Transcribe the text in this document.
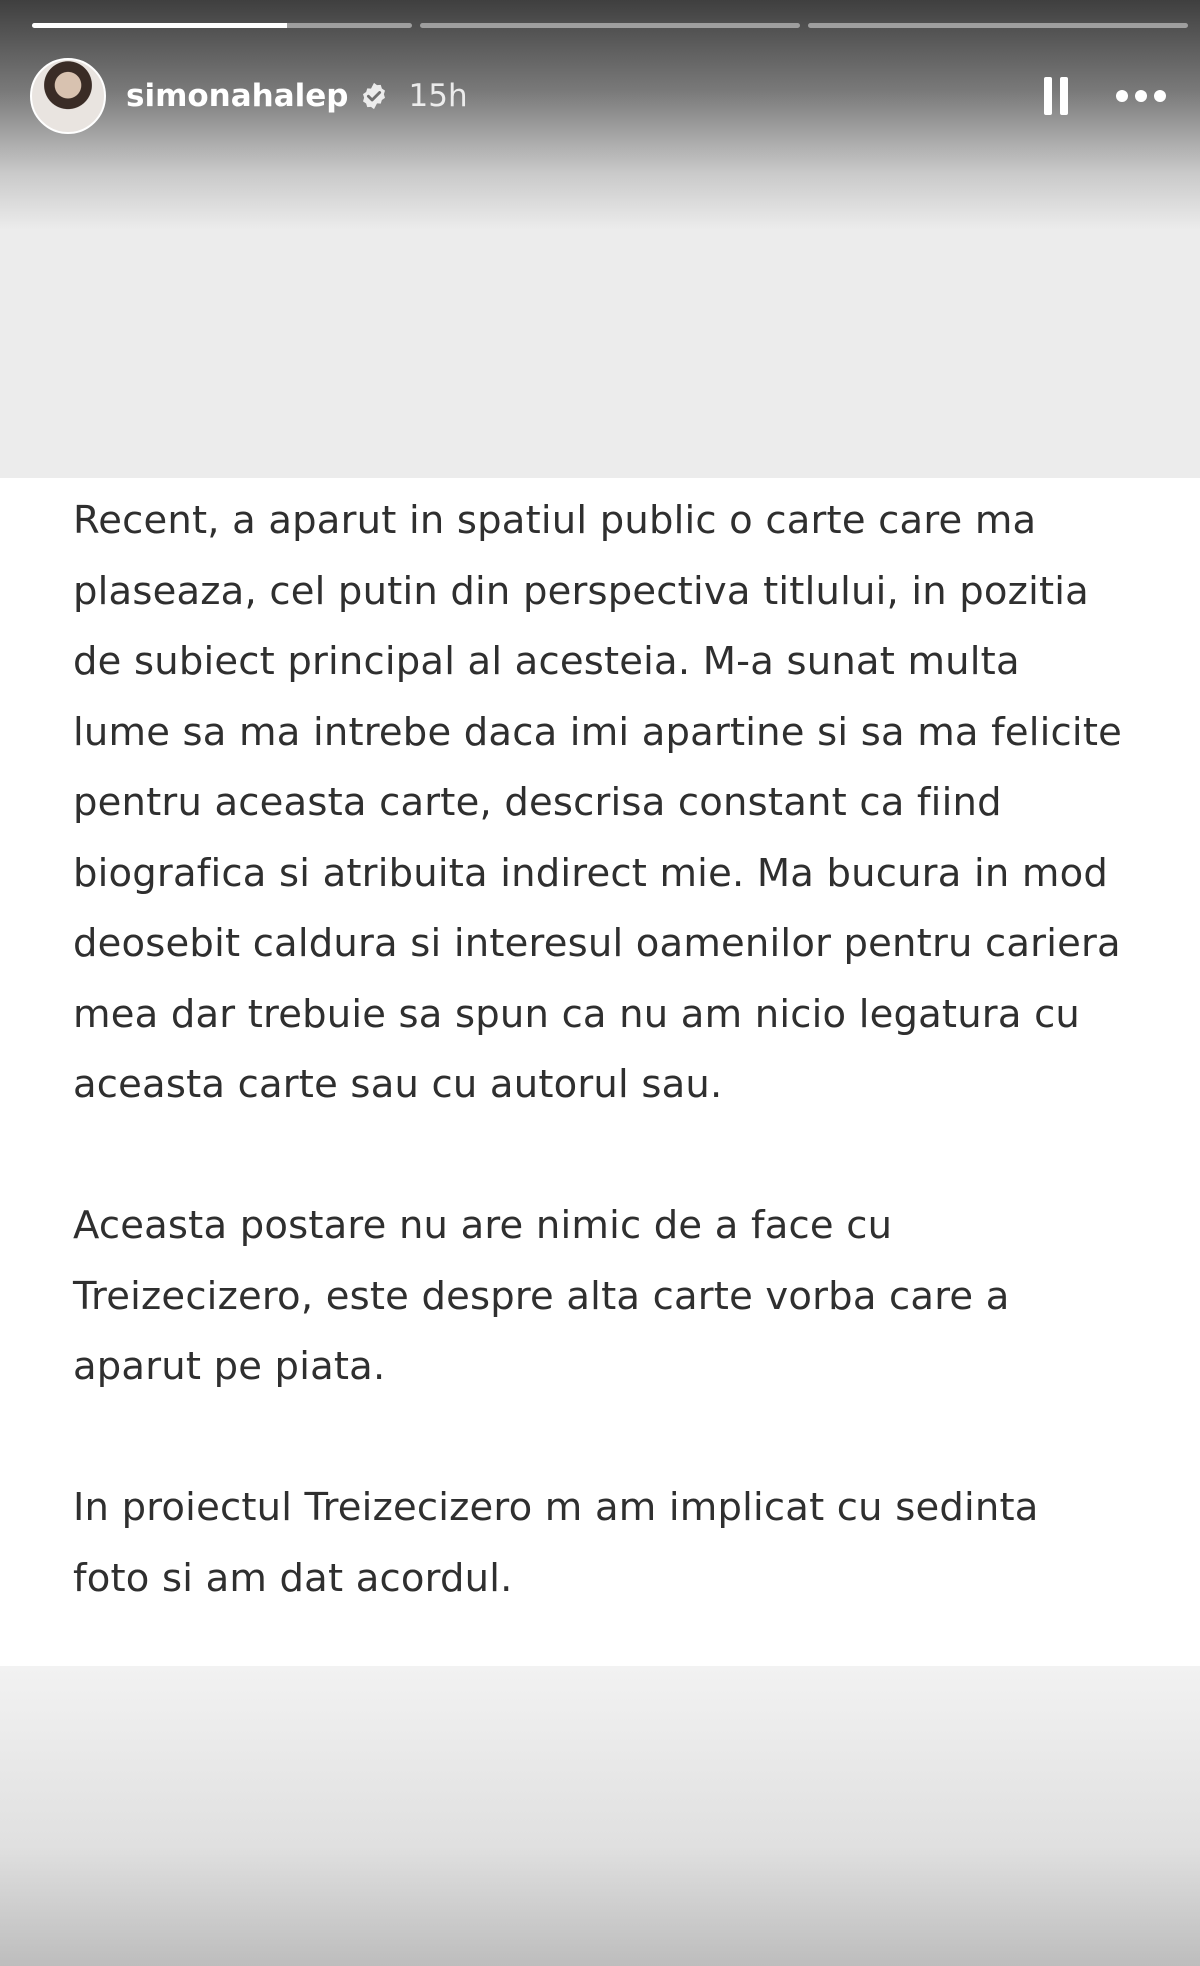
simonahalep 15h

Recent, a aparut in spatiul public o carte care ma
plaseaza, cel putin din perspectiva titlului, in pozitia
de subiect principal al acesteia. M-a sunat multa
lume sa ma intrebe daca imi apartine si sa ma felicite
pentru aceasta carte, descrisa constant ca fiind
biografica si atribuita indirect mie. Ma bucura in mod
deosebit caldura si interesul oamenilor pentru cariera
mea dar trebuie sa spun ca nu am nicio legatura cu
aceasta carte sau cu autorul sau.

Aceasta postare nu are nimic de a face cu
Treizecizero, este despre alta carte vorba care a
aparut pe piata.

In proiectul Treizecizero m am implicat cu sedinta
foto si am dat acordul.
